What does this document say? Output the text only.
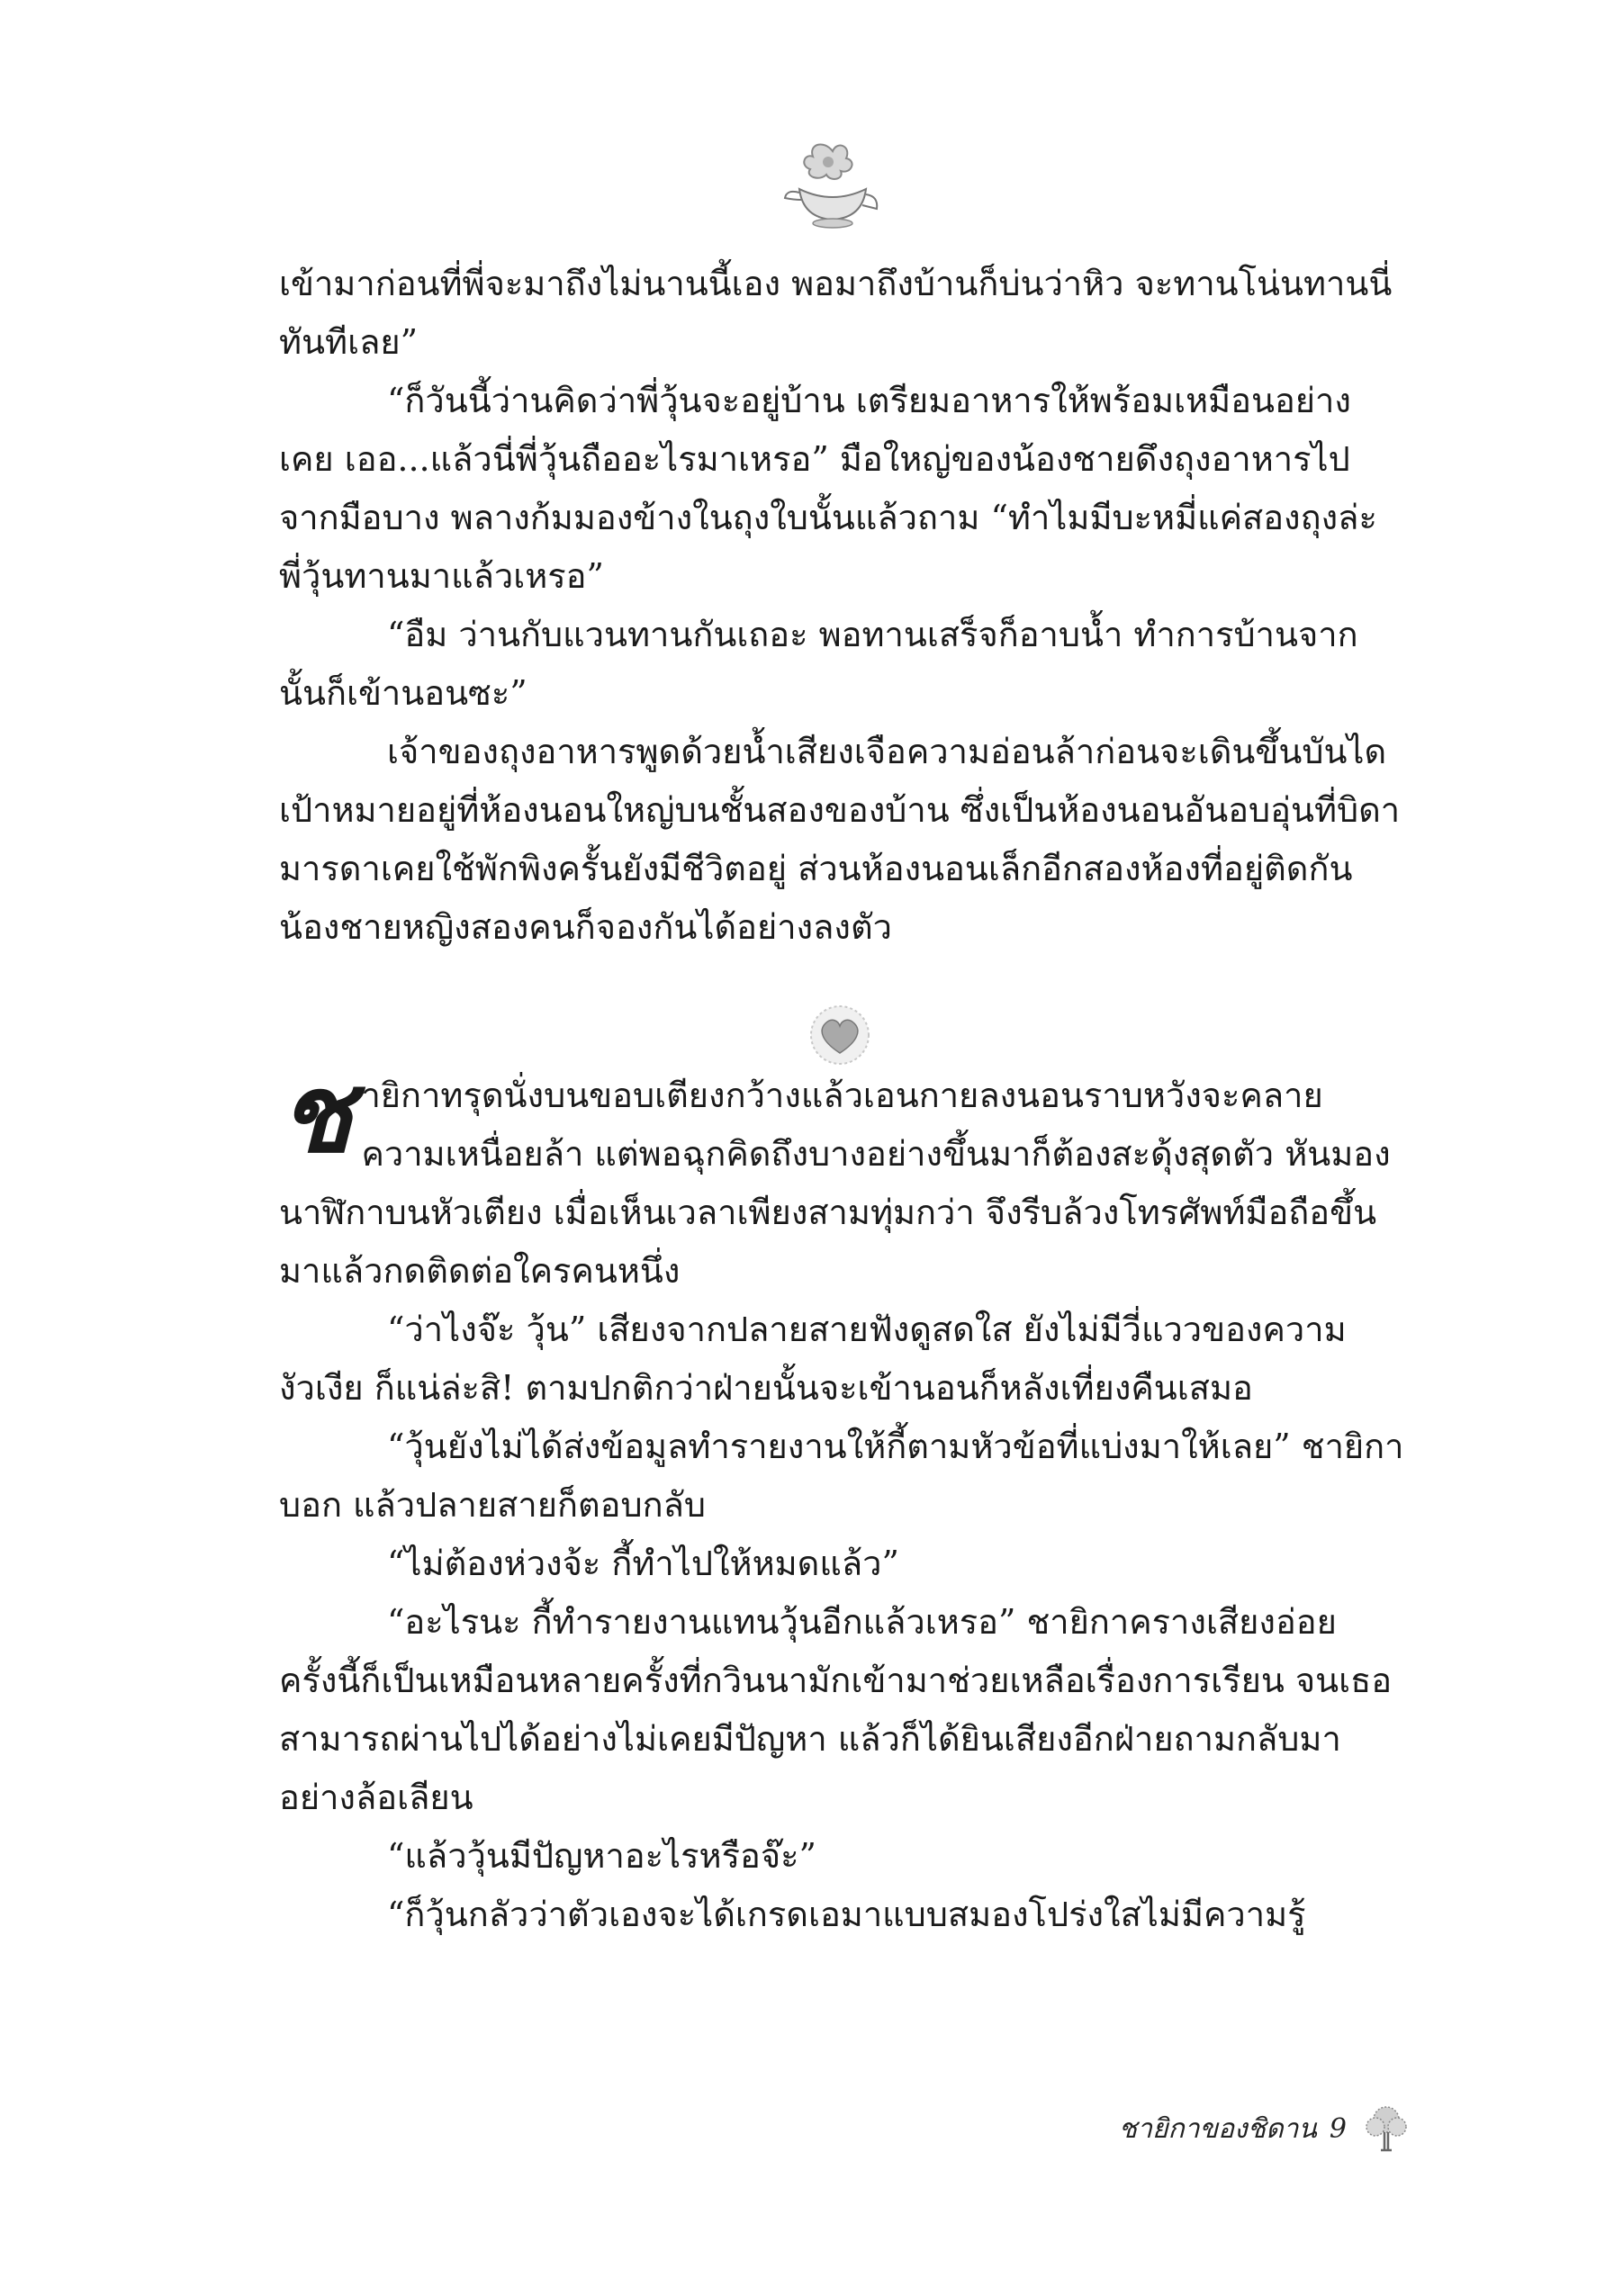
เข้ามาก่อนที่พี่จะมาถึงไม่นานนี้เอง พอมาถึงบ้านก็บ่นว่าหิว จะทานโน่นทานนี่ทันทีเลย”

“ก็วันนี้ว่านคิดว่าพี่วุ้นจะอยู่บ้าน เตรียมอาหารให้พร้อมเหมือนอย่างเคย เออ...แล้วนี่พี่วุ้นถืออะไรมาเหรอ” มือใหญ่ของน้องชายดึงถุงอาหารไปจากมือบาง พลางก้มมองข้างในถุงใบนั้นแล้วถาม “ทำไมมีบะหมี่แค่สองถุงล่ะ พี่วุ้นทานมาแล้วเหรอ”

“อืม ว่านกับแวนทานกันเถอะ พอทานเสร็จก็อาบน้ำ ทำการบ้านจากนั้นก็เข้านอนซะ”

เจ้าของถุงอาหารพูดด้วยน้ำเสียงเจือความอ่อนล้าก่อนจะเดินขึ้นบันได เป้าหมายอยู่ที่ห้องนอนใหญ่บนชั้นสองของบ้าน ซึ่งเป็นห้องนอนอันอบอุ่นที่บิดามารดาเคยใช้พักพิงครั้นยังมีชีวิตอยู่ ส่วนห้องนอนเล็กอีกสองห้องที่อยู่ติดกัน น้องชายหญิงสองคนก็จองกันได้อย่างลงตัว

ช ายิกาทรุดนั่งบนขอบเตียงกว้างแล้วเอนกายลงนอนราบหวังจะคลายความเหนื่อยล้า แต่พอฉุกคิดถึงบางอย่างขึ้นมาก็ต้องสะดุ้งสุดตัว หันมองนาฬิกาบนหัวเตียง เมื่อเห็นเวลาเพียงสามทุ่มกว่า จึงรีบล้วงโทรศัพท์มือถือขึ้นมาแล้วกดติดต่อใครคนหนึ่ง

“ว่าไงจ๊ะ วุ้น” เสียงจากปลายสายฟังดูสดใส ยังไม่มีวี่แววของความงัวเงีย ก็แน่ล่ะสิ! ตามปกติกว่าฝ่ายนั้นจะเข้านอนก็หลังเที่ยงคืนเสมอ

“วุ้นยังไม่ได้ส่งข้อมูลทำรายงานให้กี้ตามหัวข้อที่แบ่งมาให้เลย” ชายิกาบอก แล้วปลายสายก็ตอบกลับ

“ไม่ต้องห่วงจ้ะ กี้ทำไปให้หมดแล้ว”

“อะไรนะ กี้ทำรายงานแทนวุ้นอีกแล้วเหรอ” ชายิกาครางเสียงอ่อย ครั้งนี้ก็เป็นเหมือนหลายครั้งที่กวินนามักเข้ามาช่วยเหลือเรื่องการเรียน จนเธอสามารถผ่านไปได้อย่างไม่เคยมีปัญหา แล้วก็ได้ยินเสียงอีกฝ่ายถามกลับมาอย่างล้อเลียน

“แล้ววุ้นมีปัญหาอะไรหรือจ๊ะ”

“ก็วุ้นกลัวว่าตัวเองจะได้เกรดเอมาแบบสมองโปร่งใสไม่มีความรู้

ชายิกาของชิดาน 9
